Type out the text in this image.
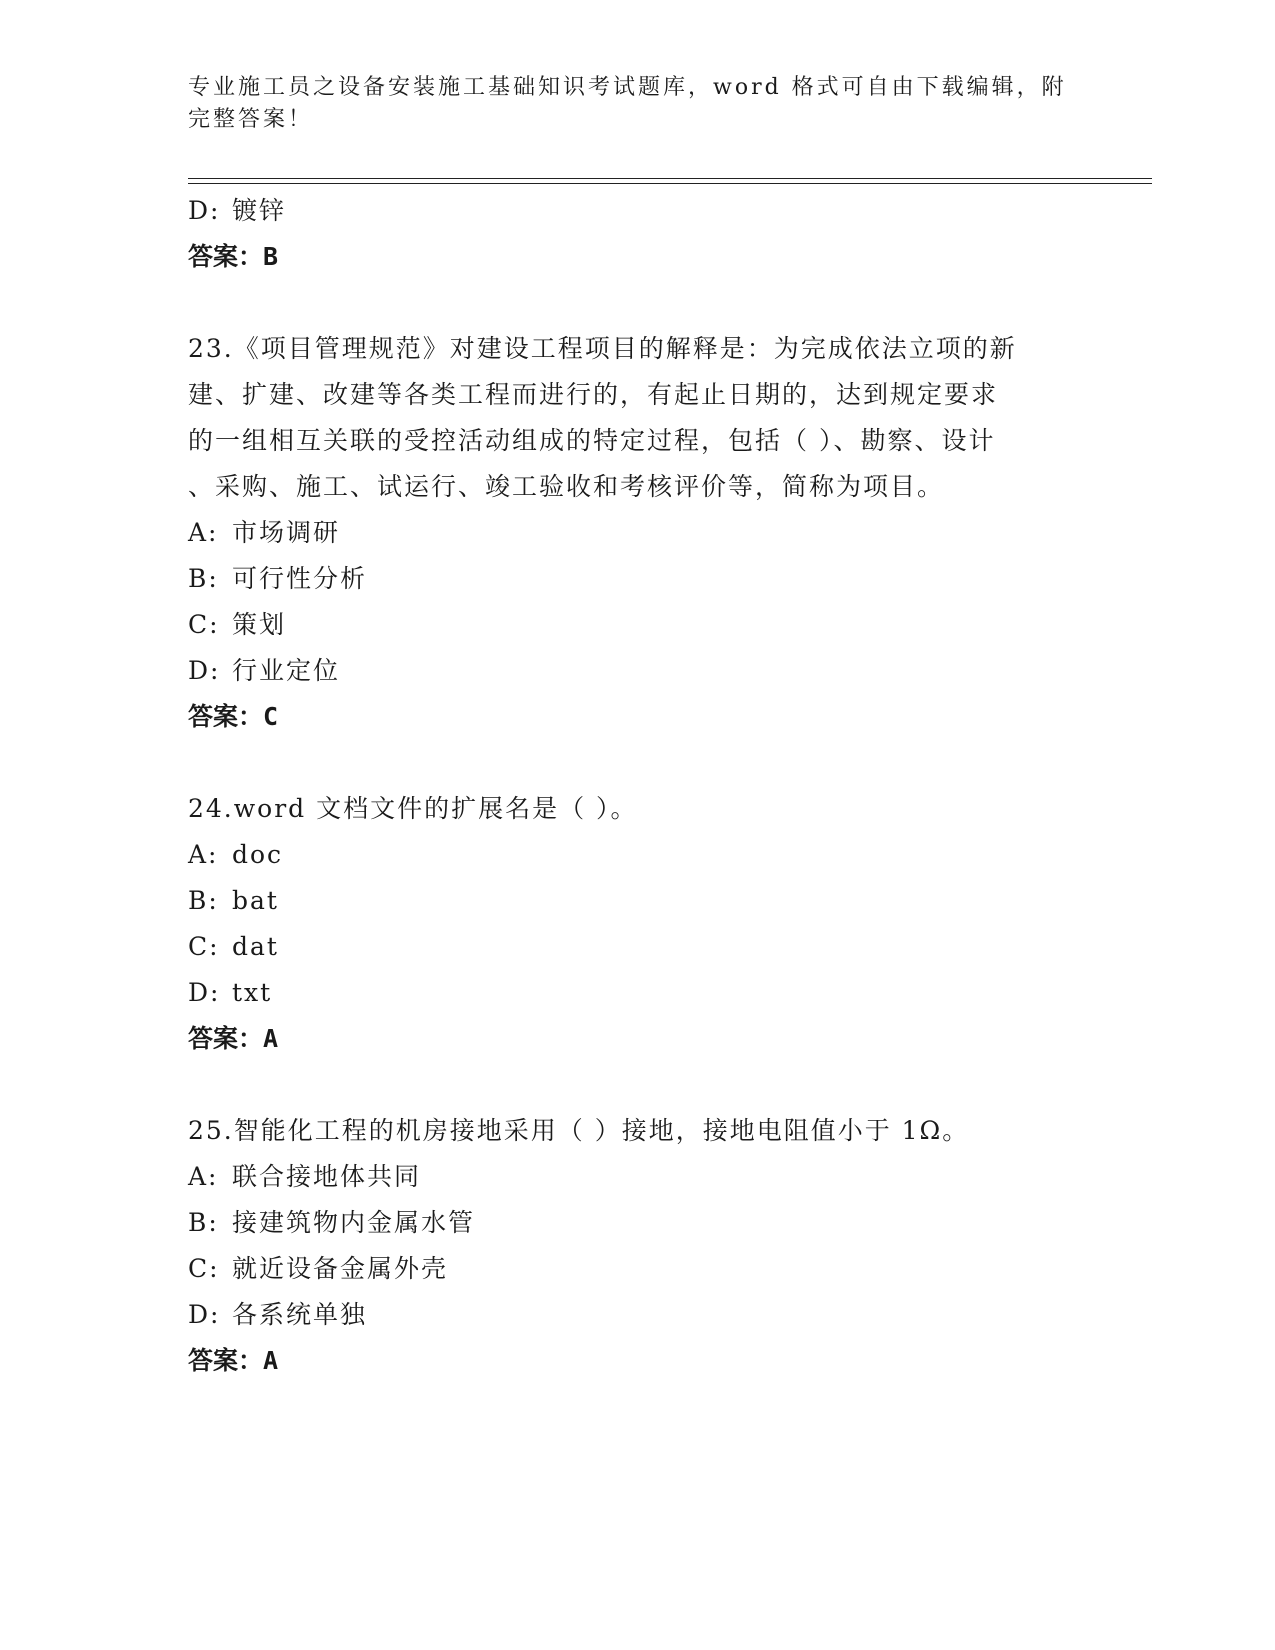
专业施工员之设备安装施工基础知识考试题库，word 格式可自由下载编辑，附完整答案！
D: 镀锌
答案：B
23.《项目管理规范》对建设工程项目的解释是：为完成依法立项的新
建、扩建、改建等各类工程而进行的，有起止日期的，达到规定要求
的一组相互关联的受控活动组成的特定过程，包括（ ）、勘察、设计
、采购、施工、试运行、竣工验收和考核评价等，简称为项目。
A: 市场调研
B: 可行性分析
C: 策划
D: 行业定位
答案：C
24.word 文档文件的扩展名是（ ）。
A: doc
B: bat
C: dat
D: txt
答案：A
25.智能化工程的机房接地采用（ ）接地，接地电阻值小于 1Ω。
A: 联合接地体共同
B: 接建筑物内金属水管
C: 就近设备金属外壳
D: 各系统单独
答案：A
